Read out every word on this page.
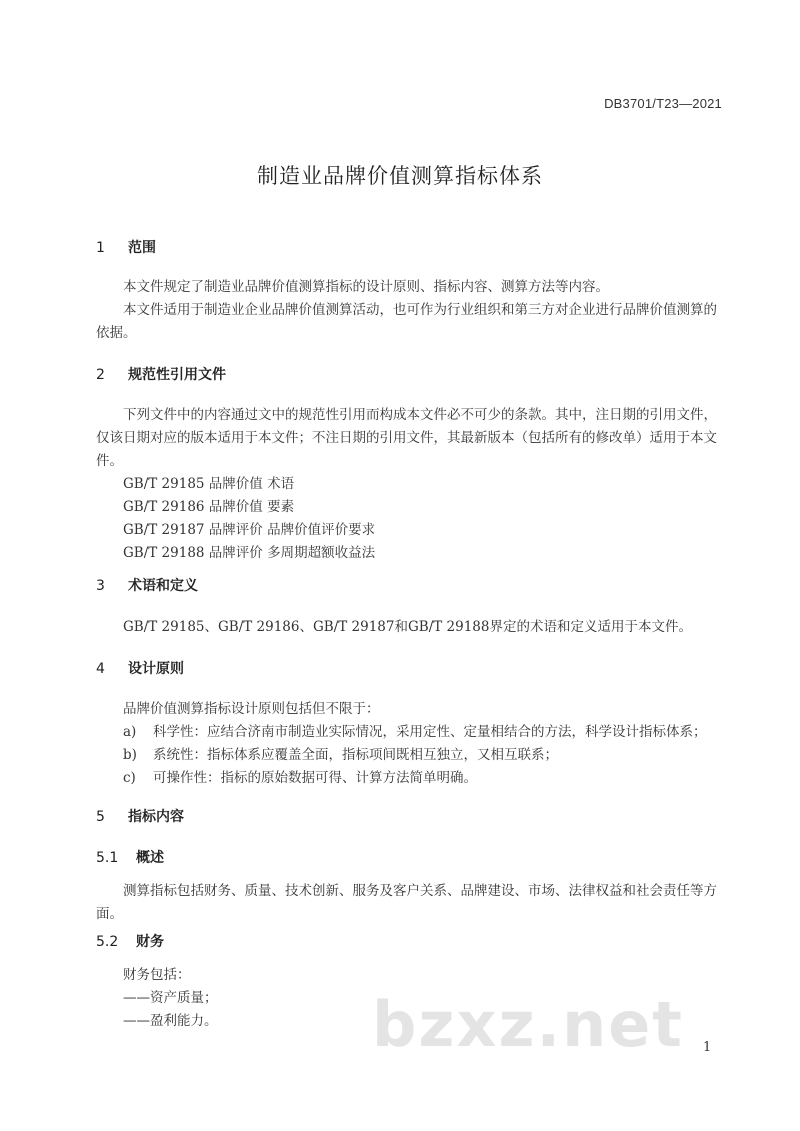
DB3701/T23—2021
制造业品牌价值测算指标体系
1 范围
本文件规定了制造业品牌价值测算指标的设计原则、指标内容、测算方法等内容。
本文件适用于制造业企业品牌价值测算活动，也可作为行业组织和第三方对企业进行品牌价值测算的依据。
2 规范性引用文件
下列文件中的内容通过文中的规范性引用而构成本文件必不可少的条款。其中，注日期的引用文件，仅该日期对应的版本适用于本文件；不注日期的引用文件，其最新版本（包括所有的修改单）适用于本文件。
GB/T 29185 品牌价值 术语
GB/T 29186 品牌价值 要素
GB/T 29187 品牌评价 品牌价值评价要求
GB/T 29188 品牌评价 多周期超额收益法
3 术语和定义
GB/T 29185、GB/T 29186、GB/T 29187和GB/T 29188界定的术语和定义适用于本文件。
4 设计原则
品牌价值测算指标设计原则包括但不限于：
a) 科学性：应结合济南市制造业实际情况，采用定性、定量相结合的方法，科学设计指标体系；
b) 系统性：指标体系应覆盖全面，指标项间既相互独立，又相互联系；
c) 可操作性：指标的原始数据可得、计算方法简单明确。
5 指标内容
5.1 概述
测算指标包括财务、质量、技术创新、服务及客户关系、品牌建设、市场、法律权益和社会责任等方面。
5.2 财务
财务包括：
——资产质量；
——盈利能力。 bzxz.net 1
